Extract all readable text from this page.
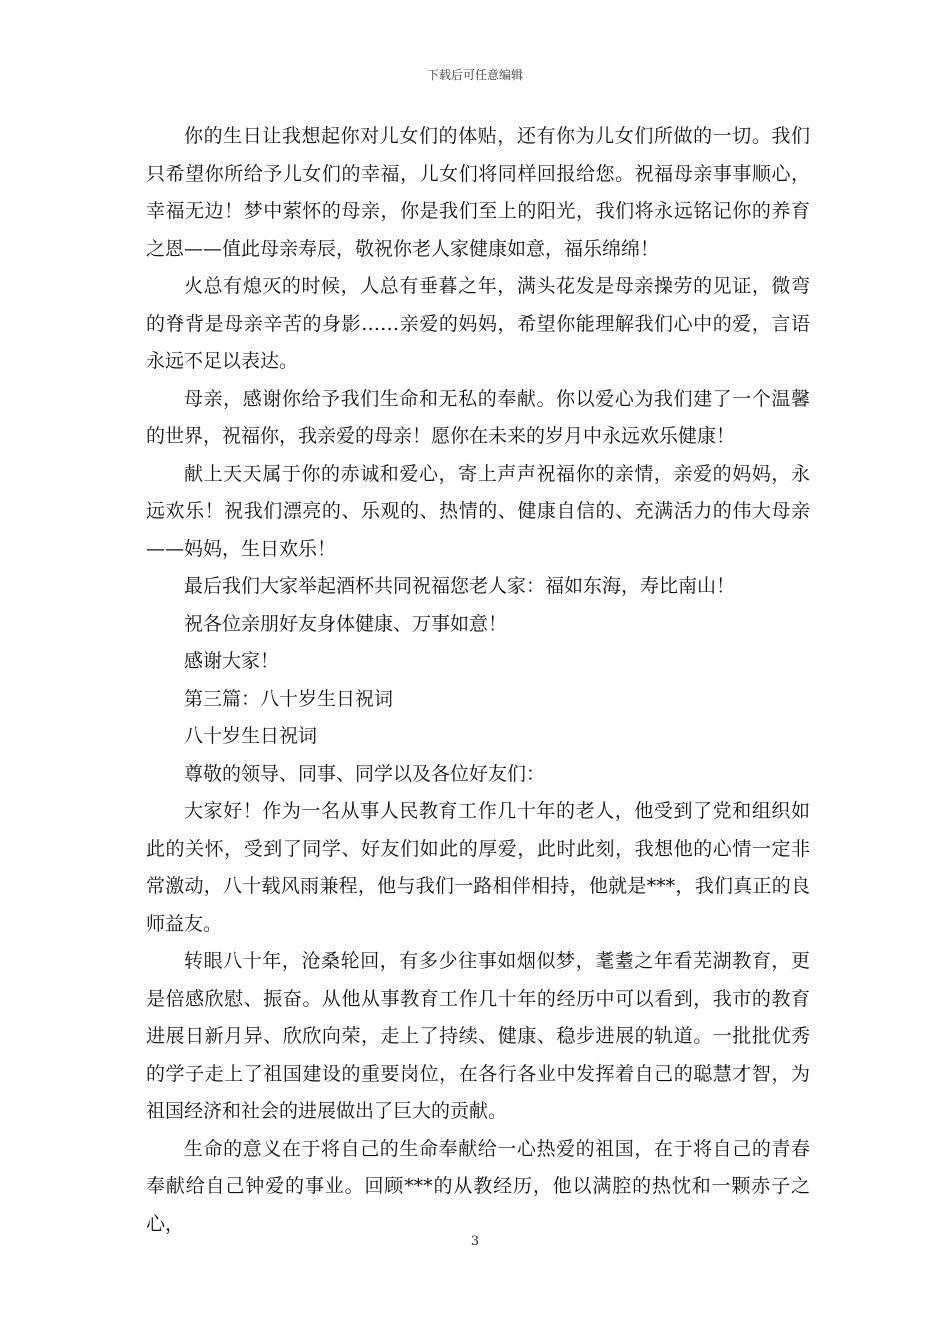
下载后可任意编辑

你的生日让我想起你对儿女们的体贴，还有你为儿女们所做的一切。我们只希望你所给予儿女们的幸福，儿女们将同样回报给您。祝福母亲事事顺心，幸福无边！梦中萦怀的母亲，你是我们至上的阳光，我们将永远铭记你的养育之恩——值此母亲寿辰，敬祝你老人家健康如意，福乐绵绵！

火总有熄灭的时候，人总有垂暮之年，满头花发是母亲操劳的见证，微弯的脊背是母亲辛苦的身影……亲爱的妈妈，希望你能理解我们心中的爱，言语永远不足以表达。

母亲，感谢你给予我们生命和无私的奉献。你以爱心为我们建了一个温馨的世界，祝福你，我亲爱的母亲！愿你在未来的岁月中永远欢乐健康！

献上天天属于你的赤诚和爱心，寄上声声祝福你的亲情，亲爱的妈妈，永远欢乐！祝我们漂亮的、乐观的、热情的、健康自信的、充满活力的伟大母亲——妈妈，生日欢乐！

最后我们大家举起酒杯共同祝福您老人家：福如东海，寿比南山！

祝各位亲朋好友身体健康、万事如意！

感谢大家！

第三篇：八十岁生日祝词

八十岁生日祝词

尊敬的领导、同事、同学以及各位好友们：

大家好！作为一名从事人民教育工作几十年的老人，他受到了党和组织如此的关怀，受到了同学、好友们如此的厚爱，此时此刻，我想他的心情一定非常激动，八十载风雨兼程，他与我们一路相伴相持，他就是***，我们真正的良师益友。

转眼八十年，沧桑轮回，有多少往事如烟似梦，耄耋之年看芜湖教育，更是倍感欣慰、振奋。从他从事教育工作几十年的经历中可以看到，我市的教育进展日新月异、欣欣向荣，走上了持续、健康、稳步进展的轨道。一批批优秀的学子走上了祖国建设的重要岗位，在各行各业中发挥着自己的聪慧才智，为祖国经济和社会的进展做出了巨大的贡献。

生命的意义在于将自己的生命奉献给一心热爱的祖国，在于将自己的青春奉献给自己钟爱的事业。回顾***的从教经历，他以满腔的热忱和一颗赤子之心，

3
